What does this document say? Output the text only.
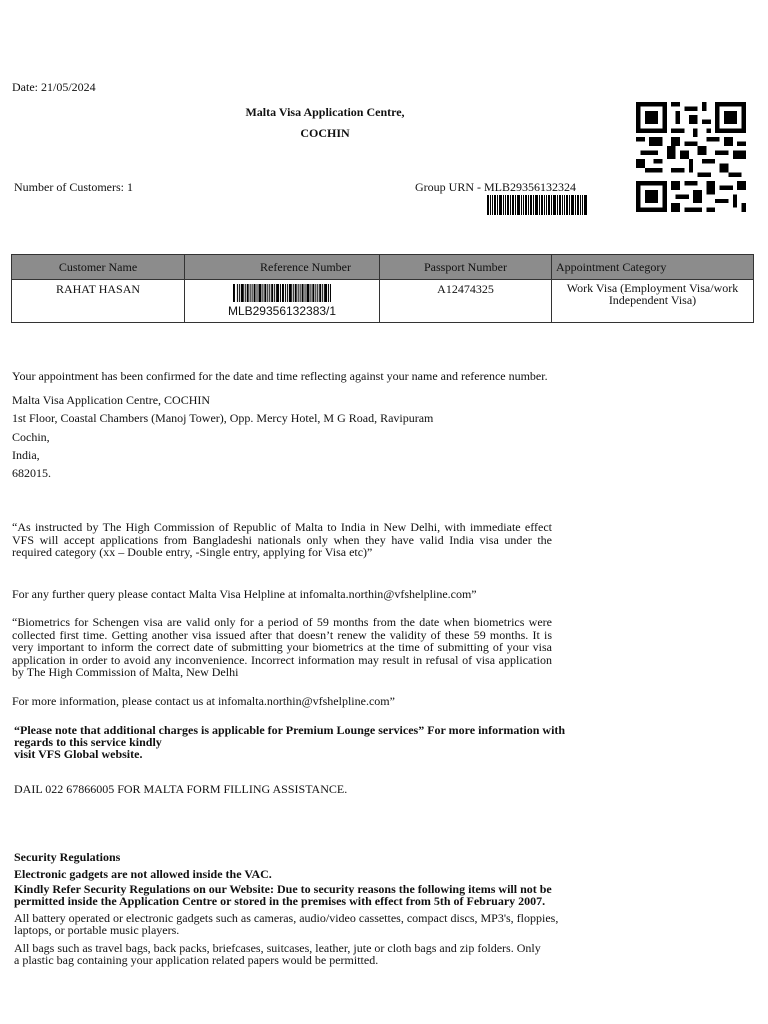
Date: 21/05/2024
Malta Visa Application Centre,
COCHIN
Number of Customers: 1	Group URN - MLB29356132324
Customer Name	Reference Number	Passport Number	Appointment Category
RAHAT HASAN	MLB29356132383/1	A12474325	Work Visa (Employment Visa/work Independent Visa)
Your appointment has been confirmed for the date and time reflecting against your name and reference number.
Malta Visa Application Centre, COCHIN
1st Floor, Coastal Chambers (Manoj Tower), Opp. Mercy Hotel, M G Road, Ravipuram
Cochin,
India,
682015.
“As instructed by The High Commission of Republic of Malta to India in New Delhi, with immediate effect VFS will accept applications from Bangladeshi nationals only when they have valid India visa under the required category (xx – Double entry, -Single entry, applying for Visa etc)”
For any further query please contact Malta Visa Helpline at infomalta.northin@vfshelpline.com”
“Biometrics for Schengen visa are valid only for a period of 59 months from the date when biometrics were collected first time. Getting another visa issued after that doesn’t renew the validity of these 59 months. It is very important to inform the correct date of submitting your biometrics at the time of submitting of your visa application in order to avoid any inconvenience. Incorrect information may result in refusal of visa application by The High Commission of Malta, New Delhi
For more information, please contact us at infomalta.northin@vfshelpline.com”
“Please note that additional charges is applicable for Premium Lounge services” For more information with
regards to this service kindly
visit VFS Global website.
DAIL 022 67866005 FOR MALTA FORM FILLING ASSISTANCE.
Security Regulations
Electronic gadgets are not allowed inside the VAC.
Kindly Refer Security Regulations on our Website: Due to security reasons the following items will not be
permitted inside the Application Centre or stored in the premises with effect from 5th of February 2007.
All battery operated or electronic gadgets such as cameras, audio/video cassettes, compact discs, MP3's, floppies,
laptops, or portable music players.
All bags such as travel bags, back packs, briefcases, suitcases, leather, jute or cloth bags and zip folders. Only
a plastic bag containing your application related papers would be permitted.
